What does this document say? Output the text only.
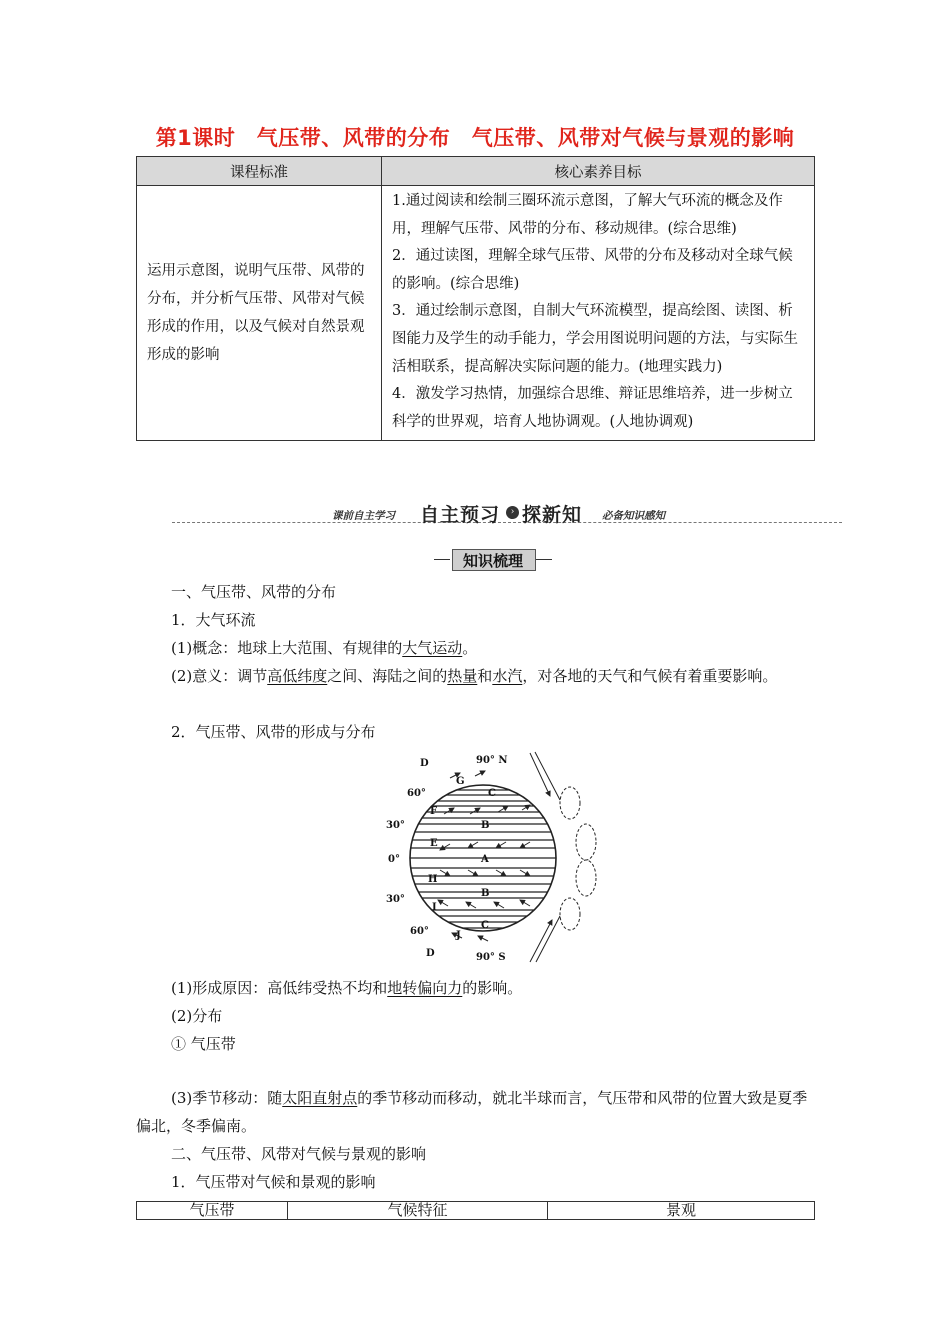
第1课时　气压带、风带的分布　气压带、风带对气候与景观的影响
课程标准	核心素养目标
运用示意图，说明气压带、风带的分布，并分析气压带、风带对气候形成的作用，以及气候对自然景观形成的影响	1.通过阅读和绘制三圈环流示意图，了解大气环流的概念及作用，理解气压带、风带的分布、移动规律。(综合思维)
2．通过读图，理解全球气压带、风带的分布及移动对全球气候的影响。(综合思维)
3．通过绘制示意图，自制大气环流模型，提高绘图、读图、析图能力及学生的动手能力，学会用图说明问题的方法，与实际生活相联系，提高解决实际问题的能力。(地理实践力)
4．激发学习热情，加强综合思维、辩证思维培养，进一步树立科学的世界观，培育人地协调观。(人地协调观)
课前自主学习 自主预习	› 探新知 必备知识感知
知识梳理
一、气压带、风带的分布
1．大气环流
(1)概念：地球上大范围、有规律的大气运动。
(2)意义：调节高低纬度之间、海陆之间的热量和水汽，对各地的天气和气候有着重要影响。
2．气压带、风带的形成与分布
D	90° N
G
C
60°
F
B
30°
E
A
0°
H
B
30°
I
C
60°	J
D	90° S
(1)形成原因：高低纬受热不均和地转偏向力的影响。
(2)分布
① 气压带
(3)季节移动：随太阳直射点的季节移动而移动，就北半球而言，气压带和风带的位置大致是夏季偏北，冬季偏南。
二、气压带、风带对气候与景观的影响
1．气压带对气候和景观的影响
气压带	气候特征	景观
